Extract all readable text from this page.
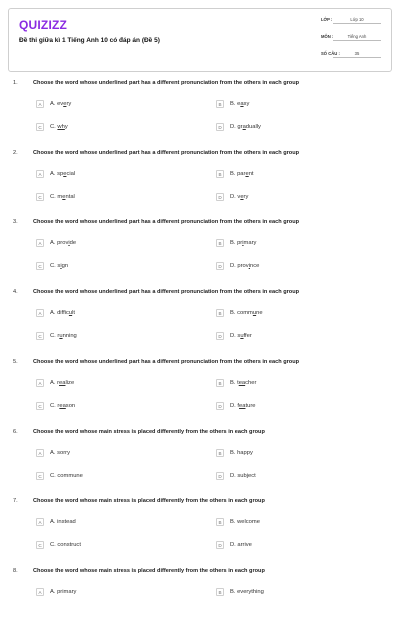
QUIZIZZ
Đề thi giữa kì 1 Tiếng Anh 10 có đáp án (Đề 5)
LỚP :	Lớp 10
MÔN :	Tiếng Anh
SỐ CÂU :	35
1.	Choose the word whose underlined part has a different pronunciation from the others in each group
A	A. every	B	B. easy
C	C. why	D	D. gradually
2.	Choose the word whose underlined part has a different pronunciation from the others in each group
A	A. special	B	B. parent
C	C. mental	D	D. very
3.	Choose the word whose underlined part has a different pronunciation from the others in each group
A	A. provide	B	B. primary
C	C. sign	D	D. province
4.	Choose the word whose underlined part has a different pronunciation from the others in each group
A	A. difficult	B	B. commune
C	C. running	D	D. suffer
5.	Choose the word whose underlined part has a different pronunciation from the others in each group
A	A. realize	B	B. teacher
C	C. reason	D	D. feature
6.	Choose the word whose main stress is placed differently from the others in each group
A	A. sorry	B	B. happy
C	C. commune	D	D. subject
7.	Choose the word whose main stress is placed differently from the others in each group
A	A. instead	B	B. welcome
C	C. construct	D	D. arrive
8.	Choose the word whose main stress is placed differently from the others in each group
A	A. primary	B	B. everything
